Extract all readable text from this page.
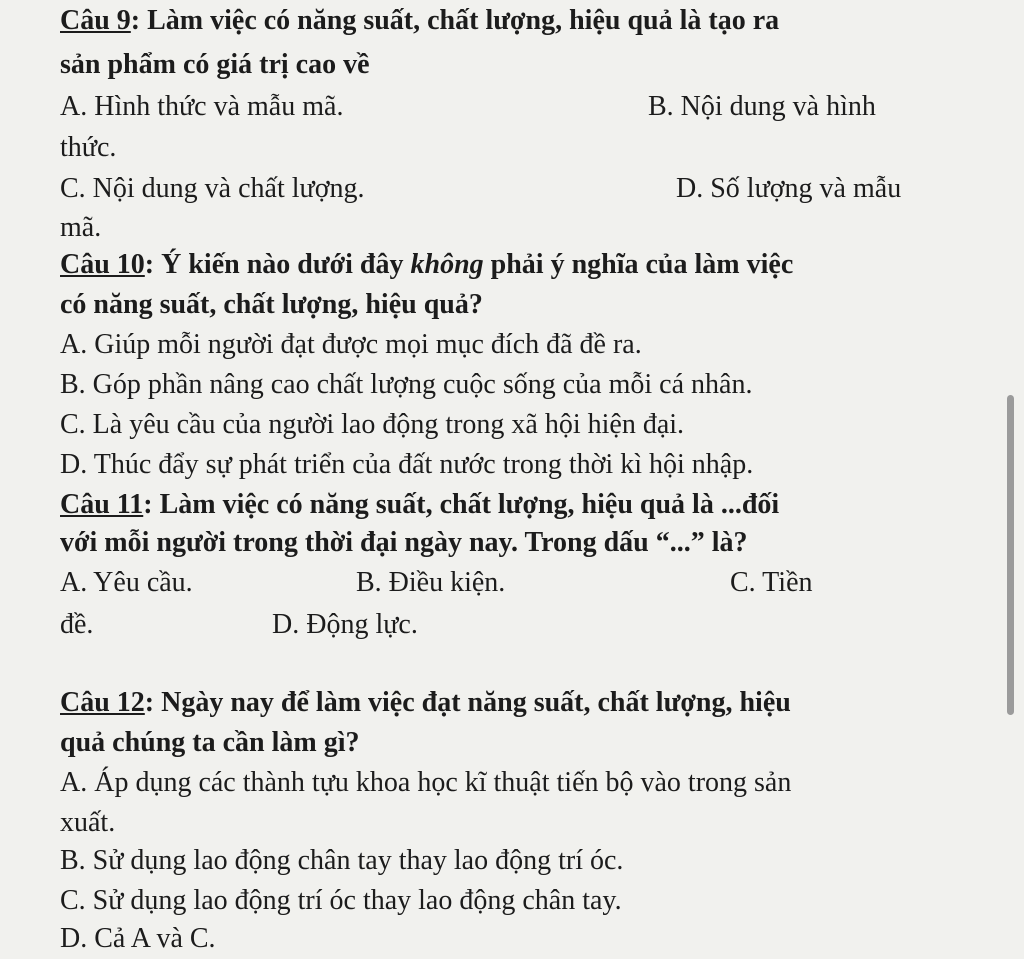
Câu 9: Làm việc có năng suất, chất lượng, hiệu quả là tạo ra
sản phẩm có giá trị cao về
A. Hình thức và mẫu mã.	B. Nội dung và hình
thức.
C. Nội dung và chất lượng.	D. Số lượng và mẫu
mã.
Câu 10: Ý kiến nào dưới đây không phải ý nghĩa của làm việc
có năng suất, chất lượng, hiệu quả?
A. Giúp mỗi người đạt được mọi mục đích đã đề ra.
B. Góp phần nâng cao chất lượng cuộc sống của mỗi cá nhân.
C. Là yêu cầu của người lao động trong xã hội hiện đại.
D. Thúc đẩy sự phát triển của đất nước trong thời kì hội nhập.
Câu 11: Làm việc có năng suất, chất lượng, hiệu quả là ...đối
với mỗi người trong thời đại ngày nay. Trong dấu “...” là?
A. Yêu cầu.	B. Điều kiện.	C. Tiền
đề.	D. Động lực.
Câu 12: Ngày nay để làm việc đạt năng suất, chất lượng, hiệu
quả chúng ta cần làm gì?
A. Áp dụng các thành tựu khoa học kĩ thuật tiến bộ vào trong sản
xuất.
B. Sử dụng lao động chân tay thay lao động trí óc.
C. Sử dụng lao động trí óc thay lao động chân tay.
D. Cả A và C.
